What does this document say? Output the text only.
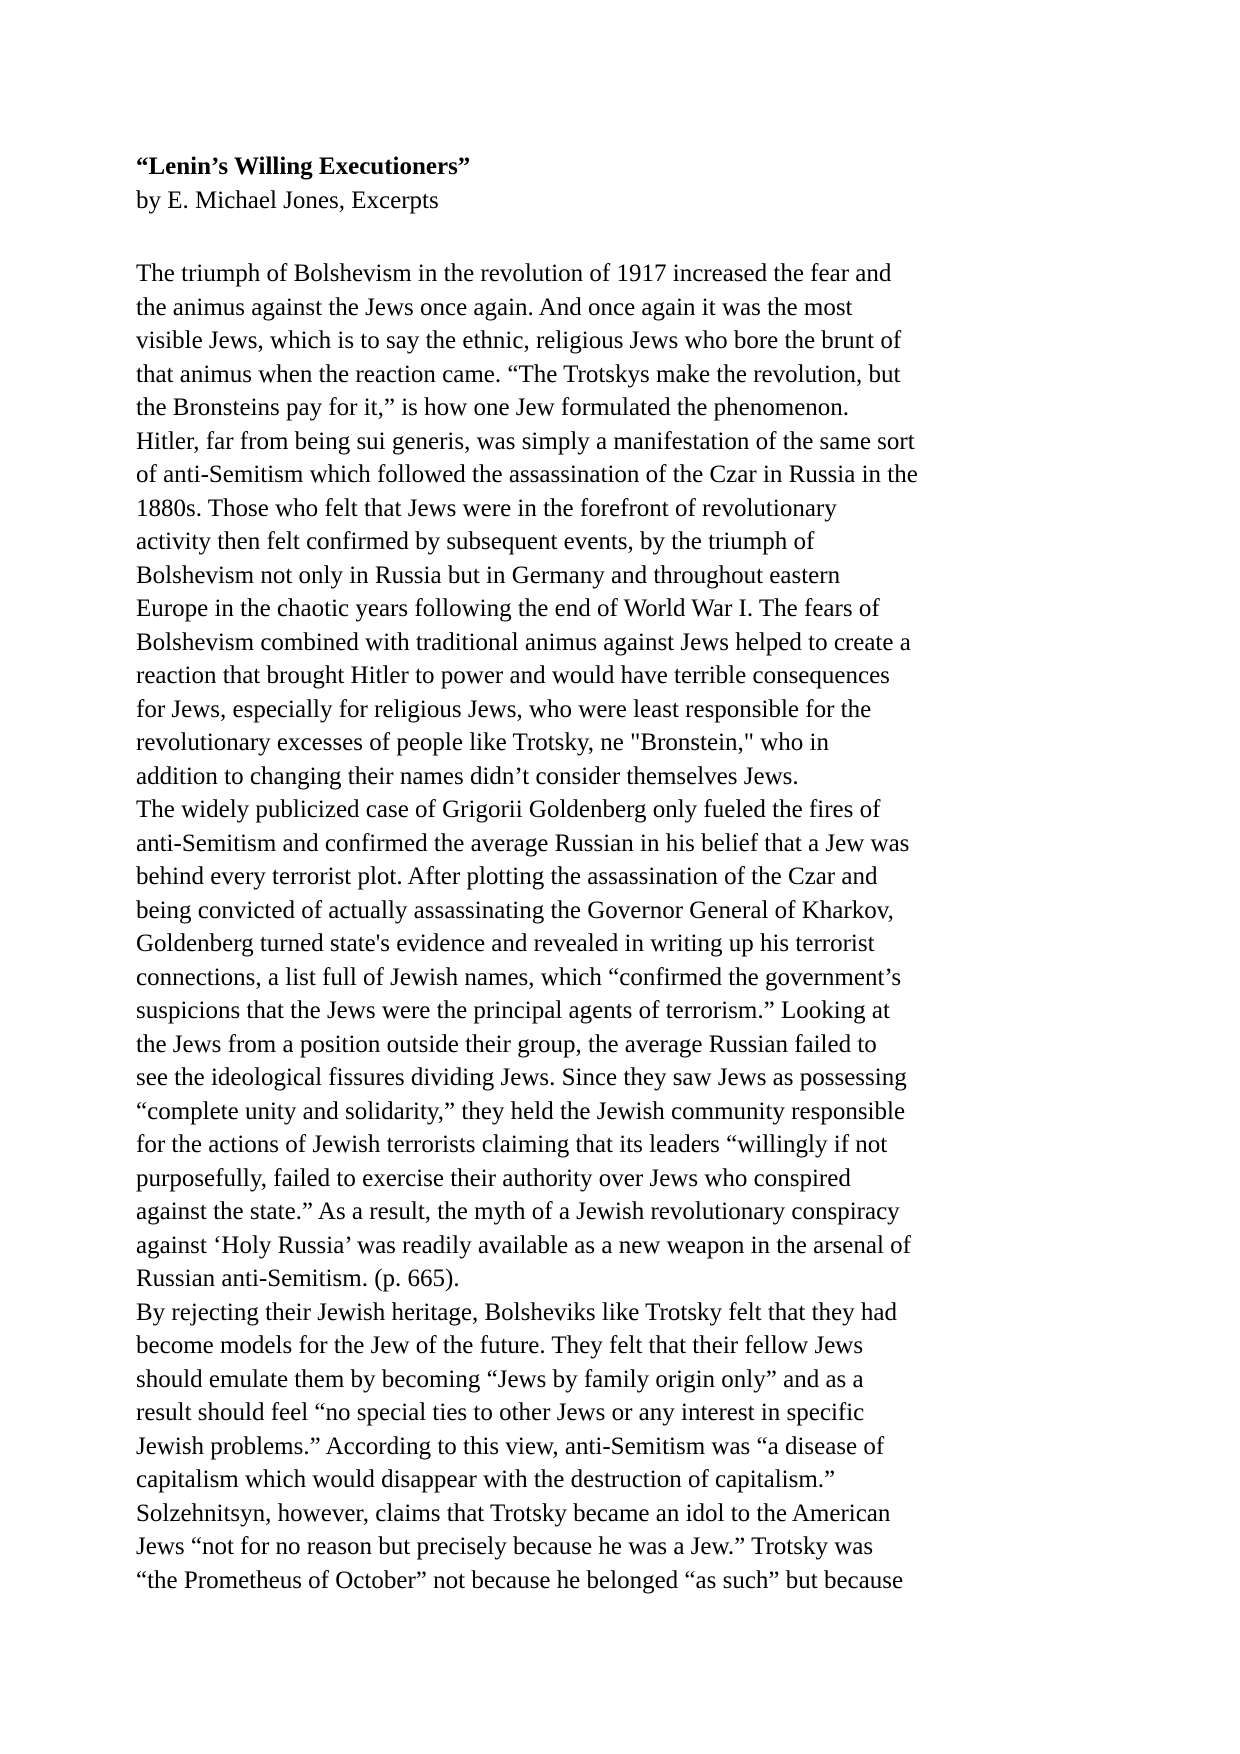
“Lenin’s Willing Executioners”
by E. Michael Jones, Excerpts
The triumph of Bolshevism in the revolution of 1917 increased the fear and
the animus against the Jews once again. And once again it was the most
visible Jews, which is to say the ethnic, religious Jews who bore the brunt of
that animus when the reaction came. “The Trotskys make the revolution, but
the Bronsteins pay for it,” is how one Jew formulated the phenomenon.
Hitler, far from being sui generis, was simply a manifestation of the same sort
of anti-Semitism which followed the assassination of the Czar in Russia in the
1880s. Those who felt that Jews were in the forefront of revolutionary
activity then felt confirmed by subsequent events, by the triumph of
Bolshevism not only in Russia but in Germany and throughout eastern
Europe in the chaotic years following the end of World War I. The fears of
Bolshevism combined with traditional animus against Jews helped to create a
reaction that brought Hitler to power and would have terrible consequences
for Jews, especially for religious Jews, who were least responsible for the
revolutionary excesses of people like Trotsky, ne "Bronstein," who in
addition to changing their names didn’t consider themselves Jews.
The widely publicized case of Grigorii Goldenberg only fueled the fires of
anti-Semitism and confirmed the average Russian in his belief that a Jew was
behind every terrorist plot. After plotting the assassination of the Czar and
being convicted of actually assassinating the Governor General of Kharkov,
Goldenberg turned state's evidence and revealed in writing up his terrorist
connections, a list full of Jewish names, which “confirmed the government’s
suspicions that the Jews were the principal agents of terrorism.” Looking at
the Jews from a position outside their group, the average Russian failed to
see the ideological fissures dividing Jews. Since they saw Jews as possessing
“complete unity and solidarity,” they held the Jewish community responsible
for the actions of Jewish terrorists claiming that its leaders “willingly if not
purposefully, failed to exercise their authority over Jews who conspired
against the state.” As a result, the myth of a Jewish revolutionary conspiracy
against ‘Holy Russia’ was readily available as a new weapon in the arsenal of
Russian anti-Semitism. (p. 665).
By rejecting their Jewish heritage, Bolsheviks like Trotsky felt that they had
become models for the Jew of the future. They felt that their fellow Jews
should emulate them by becoming “Jews by family origin only” and as a
result should feel “no special ties to other Jews or any interest in specific
Jewish problems.” According to this view, anti-Semitism was “a disease of
capitalism which would disappear with the destruction of capitalism.”
Solzehnitsyn, however, claims that Trotsky became an idol to the American
Jews “not for no reason but precisely because he was a Jew.” Trotsky was
“the Prometheus of October” not because he belonged “as such” but because
